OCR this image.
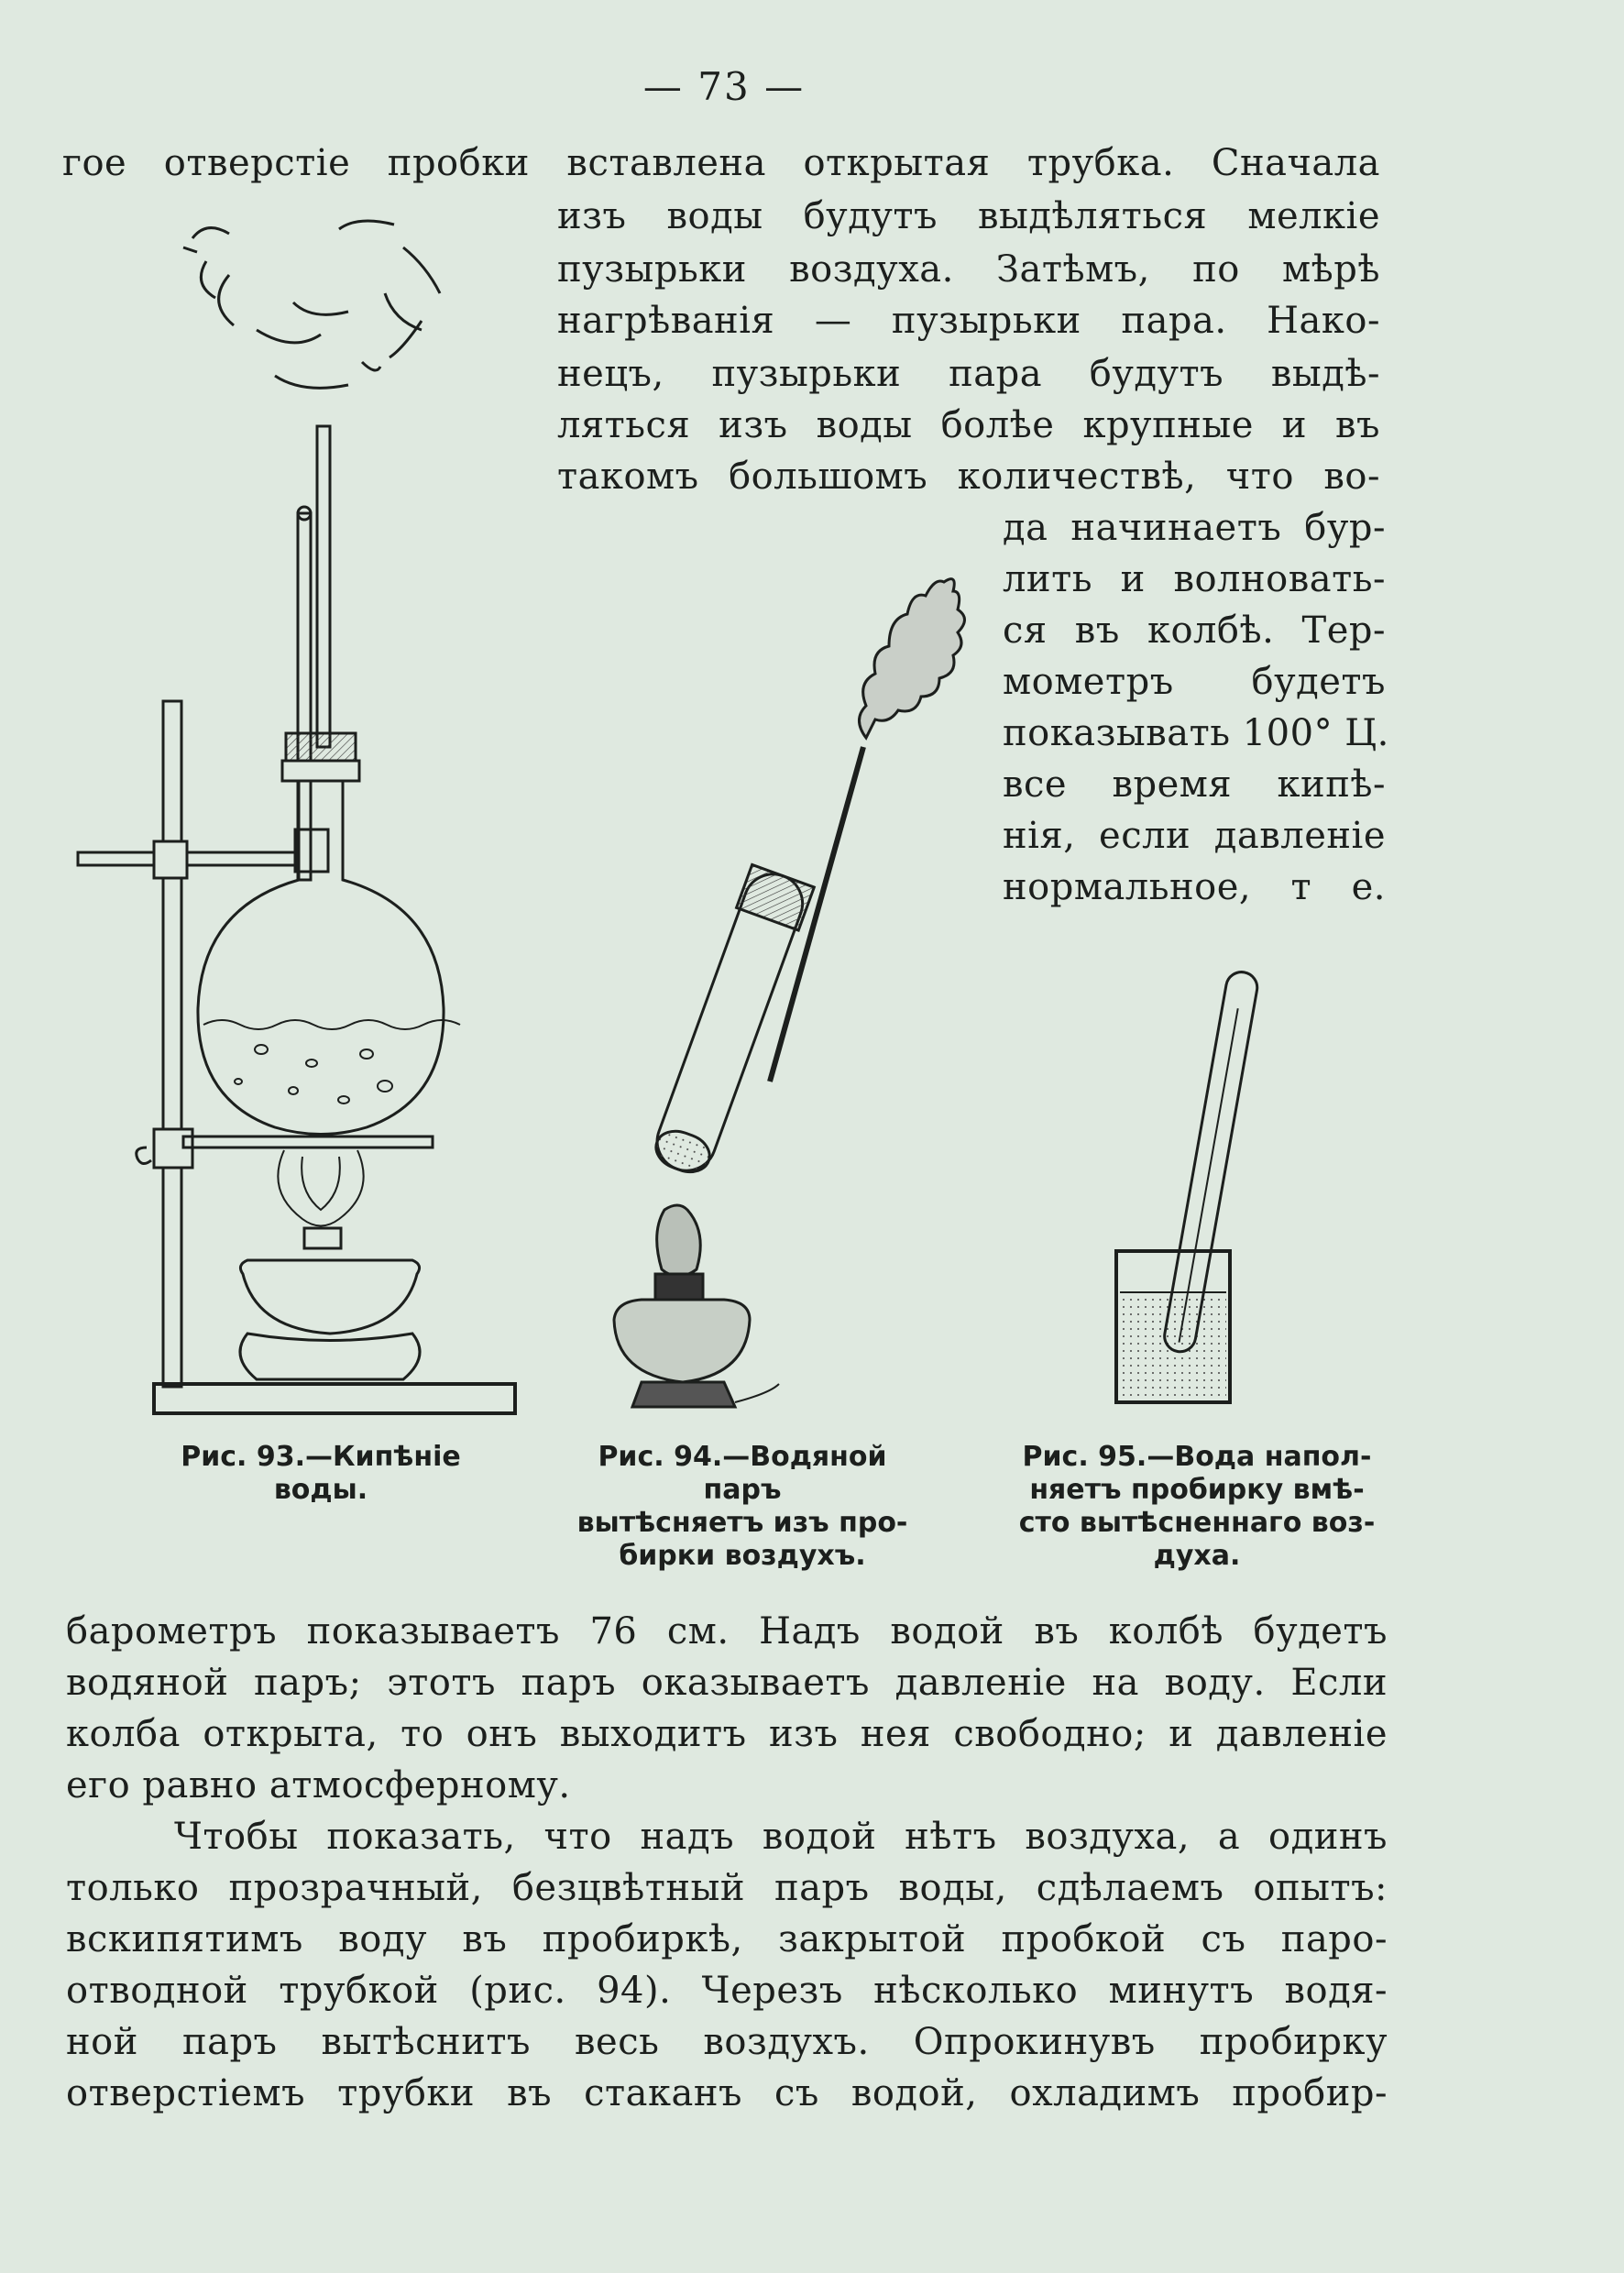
— 73 —
гое отверстіе пробки вставлена открытая трубка. Сначала
изъ воды будутъ выдѣляться мелкіе
пузырьки воздуха. Затѣмъ, по мѣрѣ
нагрѣванія — пузырьки пара. Нако-
нецъ, пузырьки пара будутъ выдѣ-
ляться изъ воды болѣе крупные и въ
такомъ большомъ количествѣ, что во-
да начинаетъ бур-
лить и волновать-
ся въ колбѣ. Тер-
мометръ будетъ
показывать 100° Ц.
все время кипѣ-
нія, если давленіе
нормальное, т е.
Рис. 93.—Кипѣніе
воды.
Рис. 94.—Водяной паръ
вытѣсняетъ изъ про-
бирки воздухъ.
Рис. 95.—Вода напол-
няетъ пробирку вмѣ-
сто вытѣсненнаго воз-
духа.
барометръ показываетъ 76 см. Надъ водой въ колбѣ будетъ
водяной паръ; этотъ паръ оказываетъ давленіе на воду. Если
колба открыта, то онъ выходитъ изъ нея свободно; и давленіе
его равно атмосферному.
Чтобы показать, что надъ водой нѣтъ воздуха, а одинъ
только прозрачный, безцвѣтный паръ воды, сдѣлаемъ опытъ:
вскипятимъ воду въ пробиркѣ, закрытой пробкой съ паро-
отводной трубкой (рис. 94). Черезъ нѣсколько минутъ водя-
ной паръ вытѣснитъ весь воздухъ. Опрокинувъ пробирку
отверстіемъ трубки въ стаканъ съ водой, охладимъ пробир-
